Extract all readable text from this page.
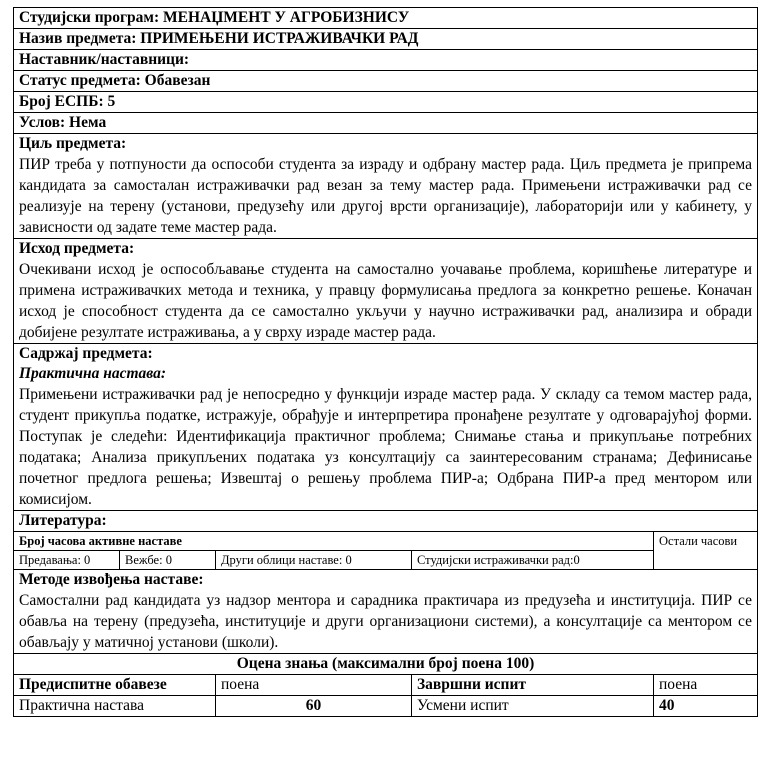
Студијски програм: МЕНАЏМЕНТ У АГРОБИЗНИСУ				
Назив предмета: ПРИМЕЊЕНИ ИСТРАЖИВАЧКИ РАД				
Наставник/наставници:				
Статус предмета: Обавезан				
Број ЕСПБ: 5				
Услов: Нема				

Циљ предмета:
ПИР треба у потпуности да оспособи студента за израду и одбрану мастер рада. Циљ предмета је припрема кандидата за самосталан истраживачки рад везан за тему мастер рада. Примењени истраживачки рад се реализује на терену (установи, предузећу или другој врсти организације), лабораторији или у кабинету, у зависности од задате теме мастер рада.				

Исход предмета:
Очекивани исход је оспособљавање студента на самостално уочавање проблема, коришћење литературе и примена истраживачких метода и техника, у правцу формулисања предлога за конкретно решење. Коначан исход је способност студента да се самостално укључи у научно истраживачки рад, анализира и обради добијене резултате истраживања, а у сврху израде мастер рада.				

Садржај предмета:
Практична настава:
Примењени истраживачки рад је непосредно у функцији израде мастер рада. У складу са темом мастер рада, студент прикупља податке, истражује, обрађује и интерпретира пронађене резултате у одговарајућој форми. Поступак је следећи: Идентификација практичног проблема; Снимање стања и прикупљање потребних података; Анализа прикупљених података уз консултацију са заинтересованим странама; Дефинисање почетног предлога решења; Извештај о решењу проблема ПИР-а; Одбрана ПИР-а пред ментором или комисијом.				

Литература:				
Број часова активне наставе				Остали часови
Предавања: 0	Вежбе: 0	Други облици наставе: 0	Студијски истраживачки рад:0	

Методе извођења наставе:
Самостални рад кандидата уз надзор ментора и сарадника практичара из предузећа и институција. ПИР се обавља на терену (предузећа, институције и други организациони системи), а консултације са ментором се обављају у матичној установи (школи).				

Оцена знања (максимални број поена 100)				
Предиспитне обавезе		поена	Завршни испит	поена
Практична настава		60	Усмени испит	40
